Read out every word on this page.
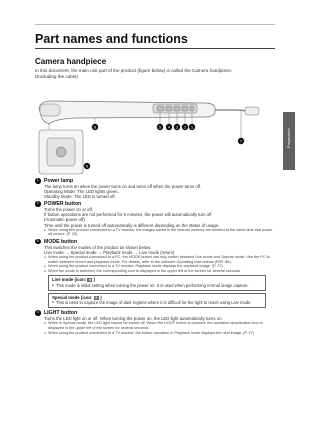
Preparation
Part names and functions
Camera handpiece
In this document, the main unit part of the product (figure below) is called the Camera handpiece.
(Excluding the cable)
8	5 4 3 2 1
7
6
1	Power lamp
The lamp turns on when the power turns on and turns off when the power turns off.
Operating Mode: The LED lights green.
Standby Mode: The LED is turned off.
2	POWER button
Turns the power on or off.
If button operations are not performed for 5 minutes, the power will automatically turn off.
(Automatic power off)
Time until the power is turned off automatically is different depending on the status of usage.
● When using this product connected to a TV monitor, the images saved in the internal memory are deleted at the same time that power off occurs. (P. 26)
3	MODE button
This switches the modes of the product as shown below.
Live mode → Special mode → Playback mode → Live mode (return)
● When using the product connected to a PC, the MODE button can only switch between Live mode and Special mode. Use the PC to switch between record and playback mode. For details, refer to the software Operating Instructions (PDF file).
● When using the product connected to a TV monitor, Playback mode displays the captured image. (P. 27)
● When the mode is switched, the corresponding icon is displayed in the upper left of the screen for several seconds.
Live mode (icon: ■ )
● This mode is initial setting when turning the power on. It is used when performing normal image capture.
Special mode (icon: S )
● This is used to capture the image of dark regions where it is difficult for the light to reach using Live mode.
4	LIGHT button
Turns the LED light on or off. When turning the power on, the LED light automatically turns on.
● When in Special mode, the LED light cannot be turned off. When the LIGHT button is pressed, the operation deactivation icon is displayed in the upper left of the screen for several seconds.
● When using the product connected to a TV monitor, the button operation in Playback mode displays the next image. (P. 27)
